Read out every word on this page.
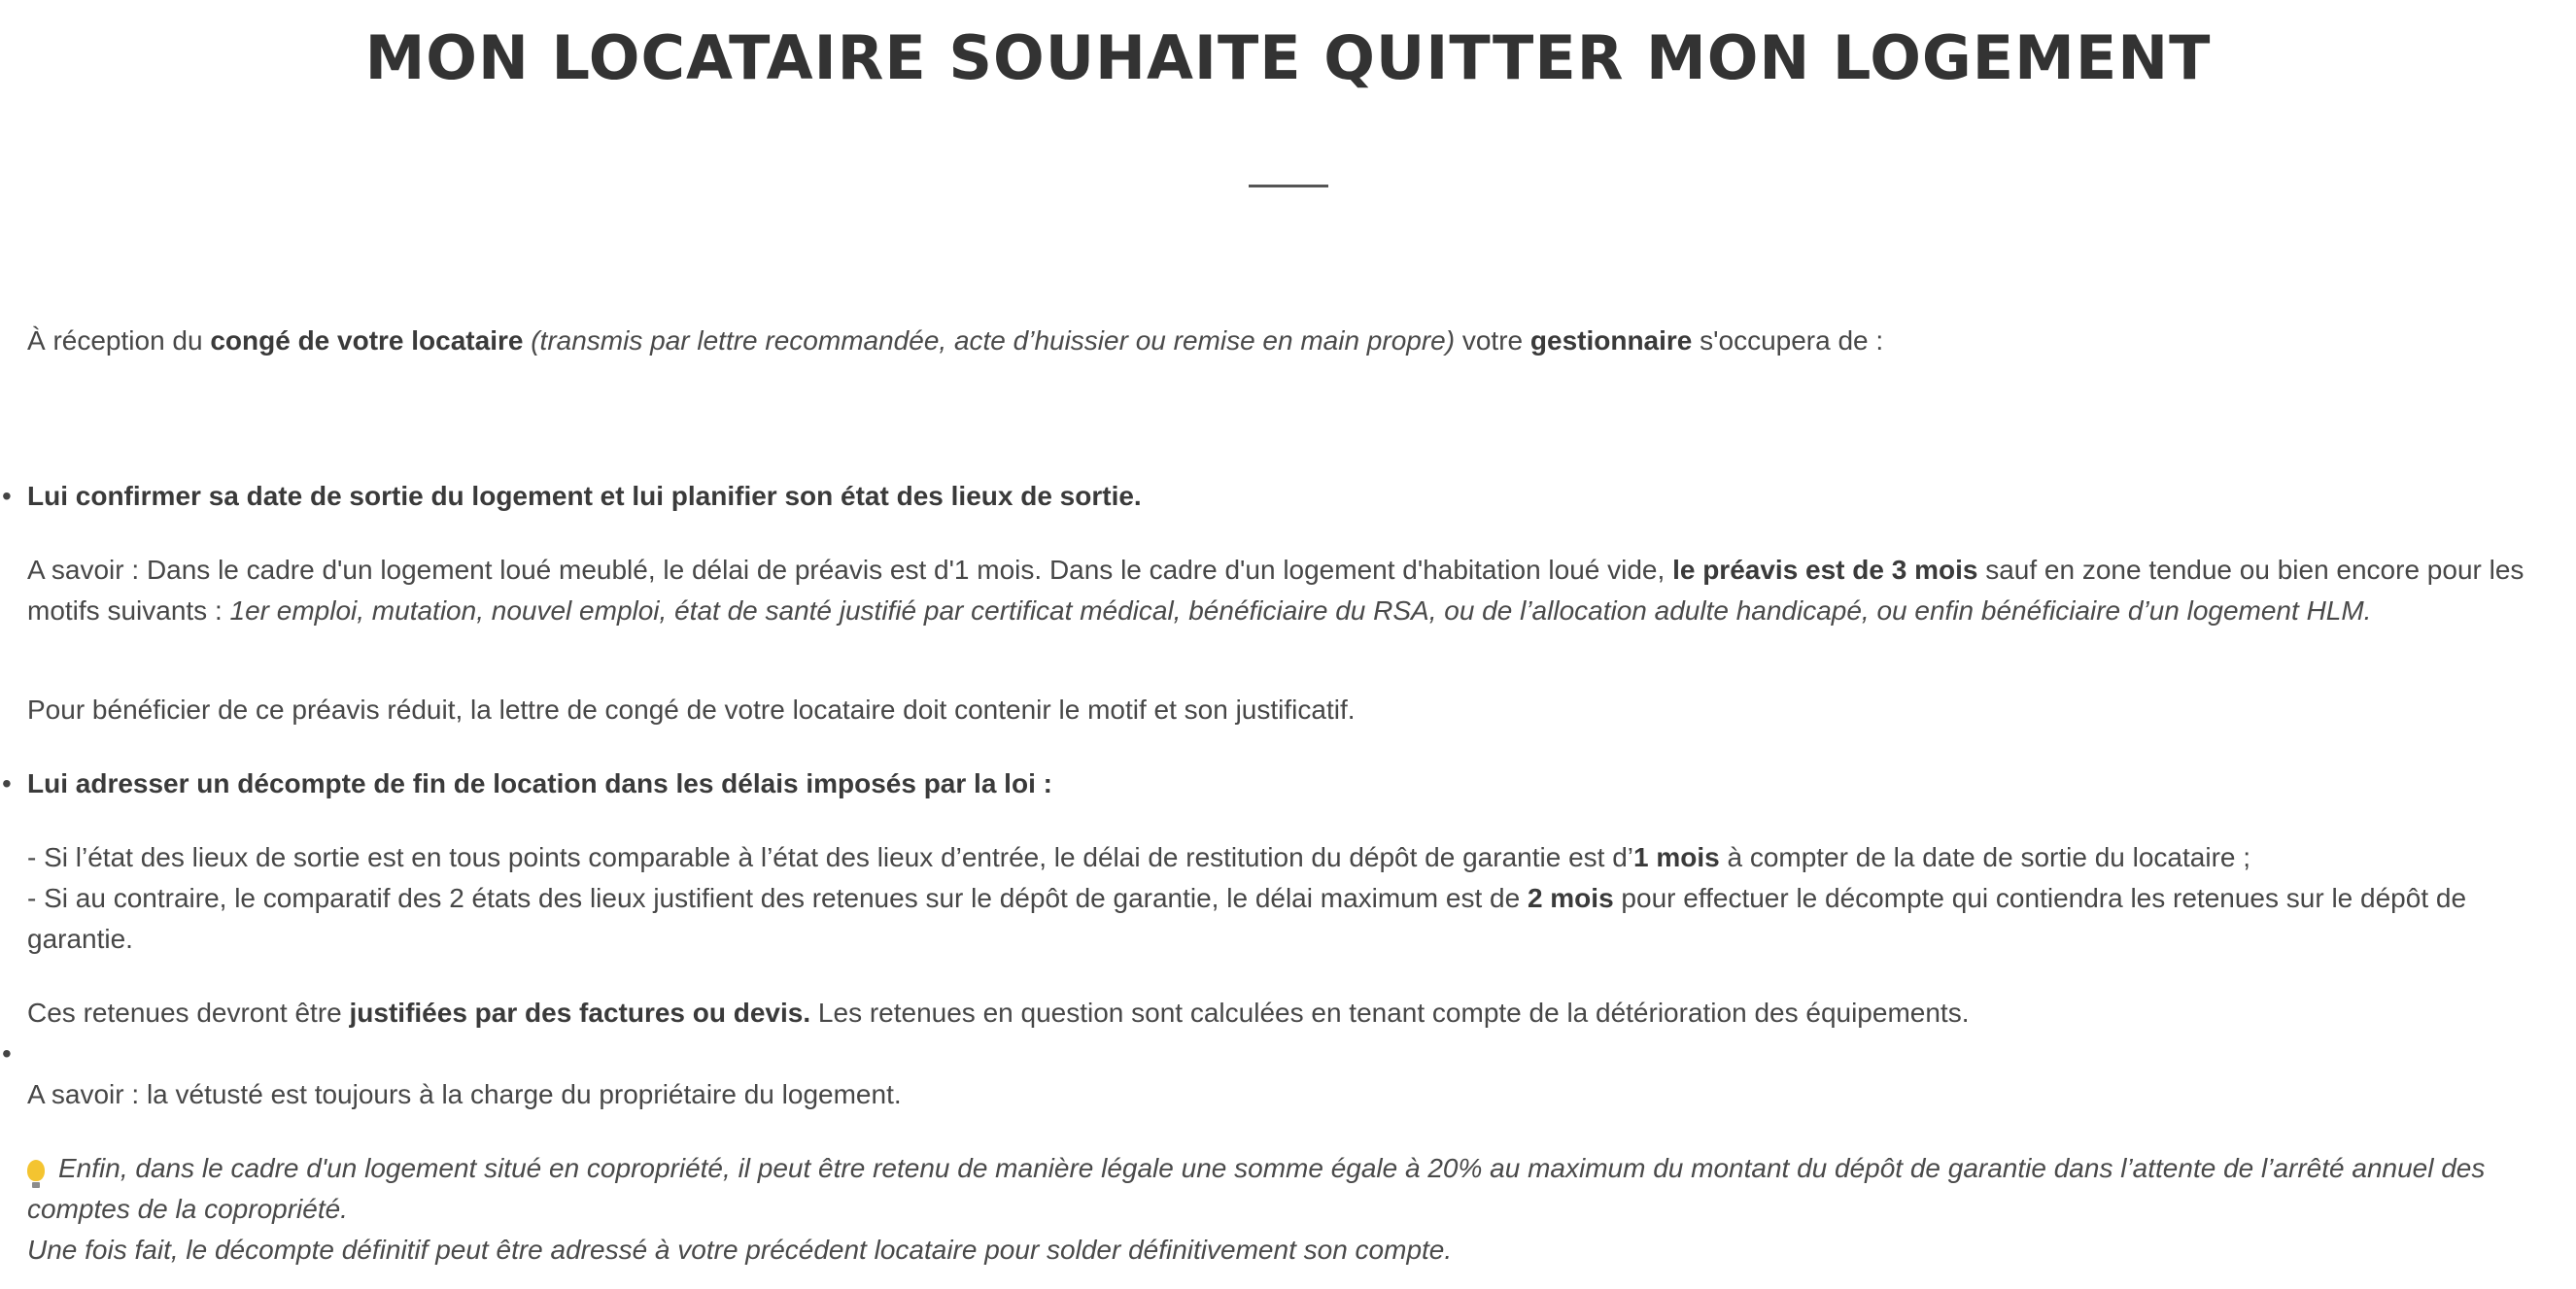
MON LOCATAIRE SOUHAITE QUITTER MON LOGEMENT

À réception du congé de votre locataire (transmis par lettre recommandée, acte d’huissier ou remise en main propre) votre gestionnaire s'occupera de :

• Lui confirmer sa date de sortie du logement et lui planifier son état des lieux de sortie.

A savoir : Dans le cadre d'un logement loué meublé, le délai de préavis est d'1 mois. Dans le cadre d'un logement d'habitation loué vide, le préavis est de 3 mois sauf en zone tendue ou bien encore pour les motifs suivants : 1er emploi, mutation, nouvel emploi, état de santé justifié par certificat médical, bénéficiaire du RSA, ou de l’allocation adulte handicapé, ou enfin bénéficiaire d’un logement HLM.

Pour bénéficier de ce préavis réduit, la lettre de congé de votre locataire doit contenir le motif et son justificatif.

• Lui adresser un décompte de fin de location dans les délais imposés par la loi :

- Si l’état des lieux de sortie est en tous points comparable à l’état des lieux d’entrée, le délai de restitution du dépôt de garantie est d’1 mois à compter de la date de sortie du locataire ;

- Si au contraire, le comparatif des 2 états des lieux justifient des retenues sur le dépôt de garantie, le délai maximum est de 2 mois pour effectuer le décompte qui contiendra les retenues sur le dépôt de garantie.

Ces retenues devront être justifiées par des factures ou devis. Les retenues en question sont calculées en tenant compte de la détérioration des équipements.

•

A savoir : la vétusté est toujours à la charge du propriétaire du logement.

Enfin, dans le cadre d'un logement situé en copropriété, il peut être retenu de manière légale une somme égale à 20% au maximum du montant du dépôt de garantie dans l’attente de l’arrêté annuel des comptes de la copropriété.
Une fois fait, le décompte définitif peut être adressé à votre précédent locataire pour solder définitivement son compte.
